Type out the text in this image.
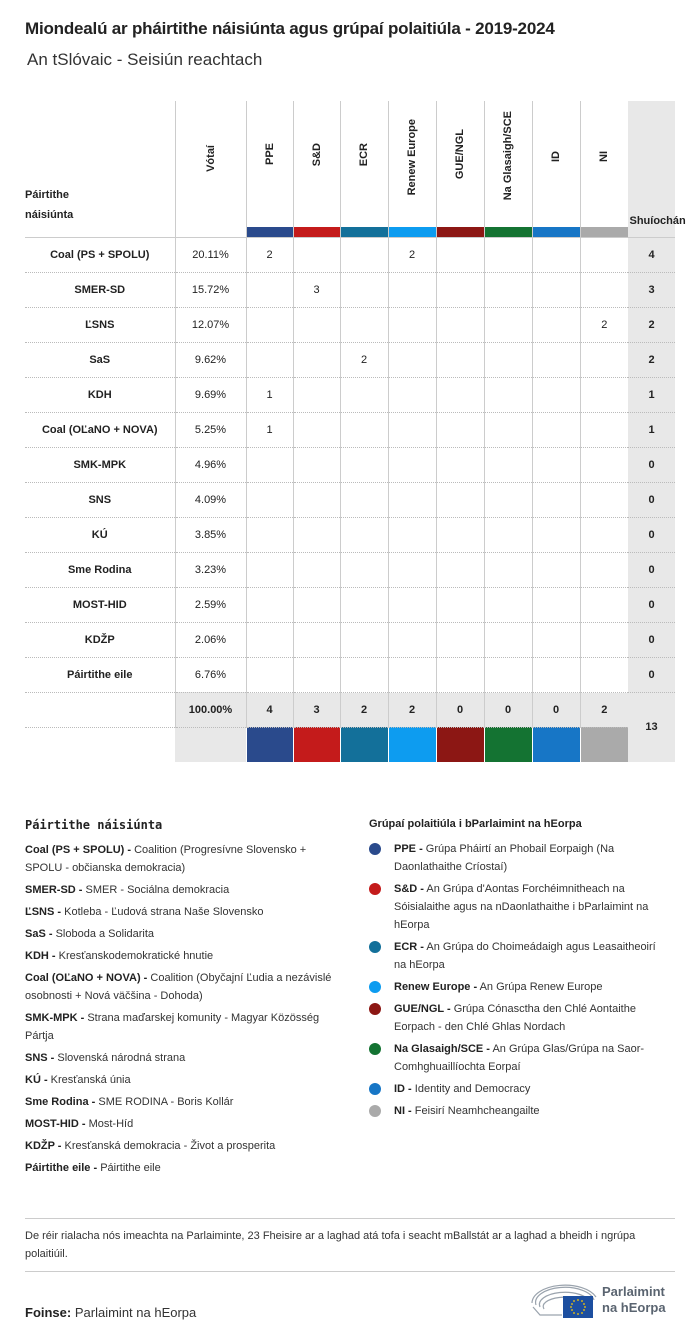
Miondealú ar pháirtithe náisiúnta agus grúpaí polaitiúla - 2019-2024
An tSlóvaic - Seisiún reachtach
Páirtithe náisiúnta	Vótaí	PPE	S&D	ECR	Renew Europe	GUE/NGL	Na Glasaigh/SCE	ID	NI	Shuíochán
Coal (PS + SPOLU)	20.11%	2			2					4
SMER-SD	15.72%		3							3
ĽSNS	12.07%								2	2
SaS	9.62%			2						2
KDH	9.69%	1								1
Coal (OĽaNO + NOVA)	5.25%	1								1
SMK-MPK	4.96%									0
SNS	4.09%									0
KÚ	3.85%									0
Sme Rodina	3.23%									0
MOST-HID	2.59%									0
KDŽP	2.06%									0
Páirtithe eile	6.76%									0
	100.00%	4	3	2	2	0	0	0	2	13

Páirtithe náisiúnta
Coal (PS + SPOLU) - Coalition (Progresívne Slovensko + SPOLU - občianska demokracia)
SMER-SD - SMER - Sociálna demokracia
ĽSNS - Kotleba - Ľudová strana Naše Slovensko
SaS - Sloboda a Solidarita
KDH - Kresťanskodemokratické hnutie
Coal (OĽaNO + NOVA) - Coalition (Obyčajní Ľudia a nezávislé osobnosti + Nová väčšina - Dohoda)
SMK-MPK - Strana maďarskej komunity - Magyar Közösség Pártja
SNS - Slovenská národná strana
KÚ - Kresťanská únia
Sme Rodina - SME RODINA - Boris Kollár
MOST-HID - Most-Híd
KDŽP - Kresťanská demokracia - Život a prosperita
Páirtithe eile - Páirtithe eile
Grúpaí polaitiúla i bParlaimint na hEorpa
PPE - Grúpa Pháirtí an Phobail Eorpaigh (Na Daonlathaithe Críostaí)
S&D - An Grúpa d'Aontas Forchéimnitheach na Sóisialaithe agus na nDaonlathaithe i bParlaimint na hEorpa
ECR - An Grúpa do Choimeádaigh agus Leasaitheoirí na hEorpa
Renew Europe - An Grúpa Renew Europe
GUE/NGL - Grúpa Cónasctha den Chlé Aontaithe Eorpach - den Chlé Ghlas Nordach
Na Glasaigh/SCE - An Grúpa Glas/Grúpa na Saor-Comhghuaillíochta Eorpaí
ID - Identity and Democracy
NI - Feisirí Neamhcheangailte
De réir rialacha nós imeachta na Parlaiminte, 23 Fheisire ar a laghad atá tofa i seacht mBallstát ar a laghad a bheidh i ngrúpa polaitiúil.
Foinse: Parlaimint na hEorpa
Parlaimint
na hEorpa
